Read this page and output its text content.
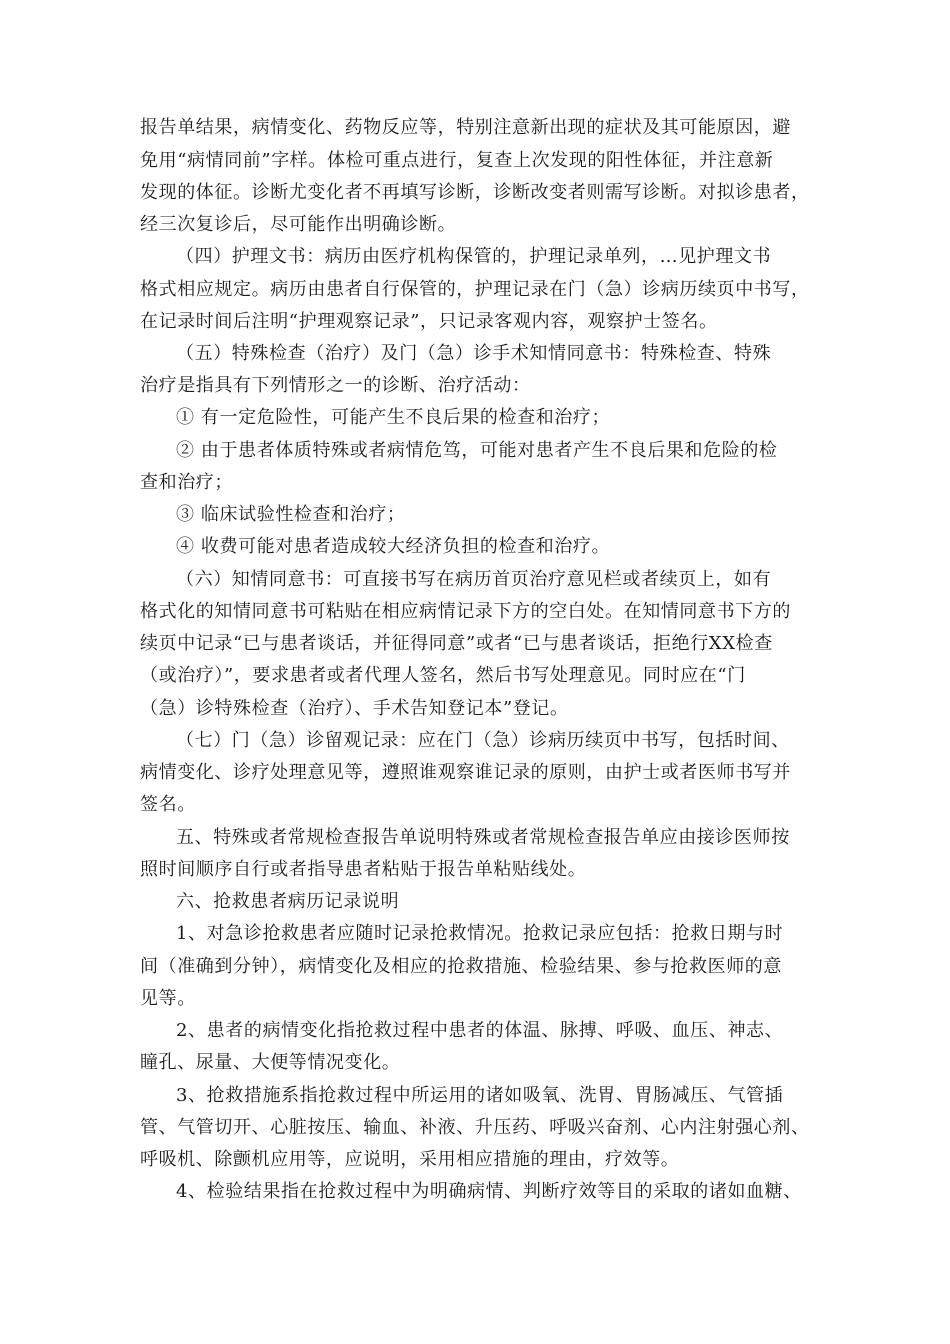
报告单结果，病情变化、药物反应等，特别注意新出现的症状及其可能原因，避
免用“病情同前”字样。体检可重点进行，复查上次发现的阳性体征，并注意新
发现的体征。诊断尤变化者不再填写诊断，诊断改变者则需写诊断。对拟诊患者，
经三次复诊后，尽可能作出明确诊断。
（四）护理文书：病历由医疗机构保管的，护理记录单列，…见护理文书
格式相应规定。病历由患者自行保管的，护理记录在门（急）诊病历续页中书写，
在记录时间后注明“护理观察记录”，只记录客观内容，观察护士签名。
（五）特殊检查（治疗）及门（急）诊手术知情同意书：特殊检查、特殊
治疗是指具有下列情形之一的诊断、治疗活动：
① 有一定危险性，可能产生不良后果的检查和治疗；
② 由于患者体质特殊或者病情危笃，可能对患者产生不良后果和危险的检
查和治疗；
③ 临床试验性检查和治疗；
④ 收费可能对患者造成较大经济负担的检查和治疗。
（六）知情同意书：可直接书写在病历首页治疗意见栏或者续页上，如有
格式化的知情同意书可粘贴在相应病情记录下方的空白处。在知情同意书下方的
续页中记录“已与患者谈话，并征得同意”或者“已与患者谈话，拒绝行XX检查
（或治疗）”，要求患者或者代理人签名，然后书写处理意见。同时应在“门
（急）诊特殊检查（治疗）、手术告知登记本”登记。
（七）门（急）诊留观记录：应在门（急）诊病历续页中书写，包括时间、
病情变化、诊疗处理意见等，遵照谁观察谁记录的原则，由护士或者医师书写并
签名。
五、特殊或者常规检查报告单说明特殊或者常规检查报告单应由接诊医师按
照时间顺序自行或者指导患者粘贴于报告单粘贴线处。
六、抢救患者病历记录说明
1、对急诊抢救患者应随时记录抢救情况。抢救记录应包括：抢救日期与时
间（准确到分钟），病情变化及相应的抢救措施、检验结果、参与抢救医师的意
见等。
2、患者的病情变化指抢救过程中患者的体温、脉搏、呼吸、血压、神志、
瞳孔、尿量、大便等情况变化。
3、抢救措施系指抢救过程中所运用的诸如吸氧、洗胃、胃肠减压、气管插
管、气管切开、心脏按压、输血、补液、升压药、呼吸兴奋剂、心内注射强心剂、
呼吸机、除颤机应用等，应说明，采用相应措施的理由，疗效等。
4、检验结果指在抢救过程中为明确病情、判断疗效等目的采取的诸如血糖、
